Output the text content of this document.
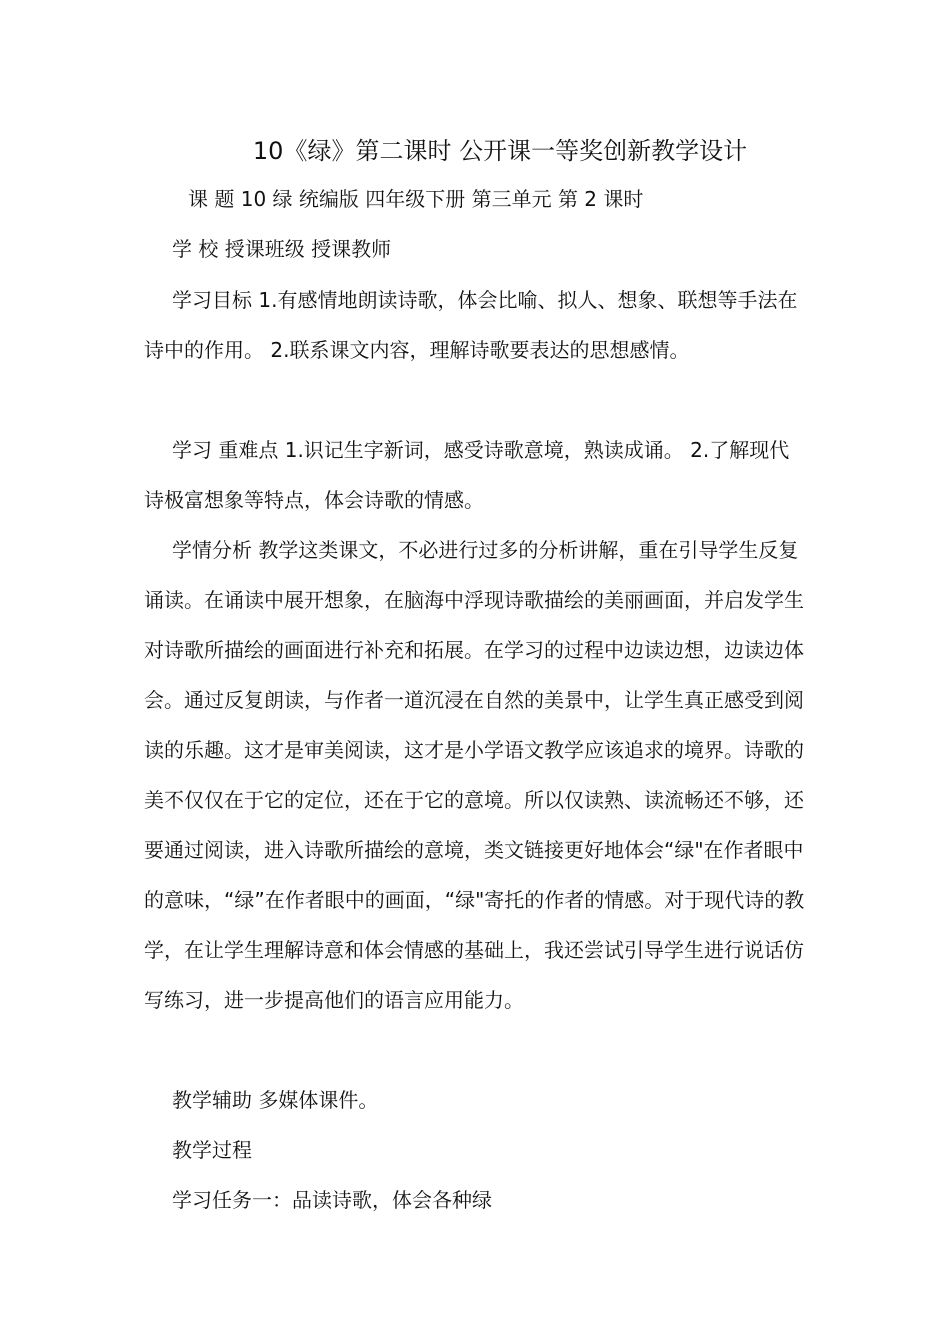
10《绿》第二课时 公开课一等奖创新教学设计
课 题 10 绿 统编版 四年级下册 第三单元 第 2 课时
学 校 授课班级 授课教师

学习目标 1.有感情地朗读诗歌，体会比喻、拟人、想象、联想等手法在诗中的作用。 2.联系课文内容，理解诗歌要表达的思想感情。

学习 重难点 1.识记生字新词，感受诗歌意境，熟读成诵。 2.了解现代诗极富想象等特点，体会诗歌的情感。

学情分析 教学这类课文，不必进行过多的分析讲解，重在引导学生反复诵读。在诵读中展开想象，在脑海中浮现诗歌描绘的美丽画面，并启发学生对诗歌所描绘的画面进行补充和拓展。在学习的过程中边读边想，边读边体会。通过反复朗读，与作者一道沉浸在自然的美景中，让学生真正感受到阅读的乐趣。这才是审美阅读，这才是小学语文教学应该追求的境界。诗歌的美不仅仅在于它的定位，还在于它的意境。所以仅读熟、读流畅还不够，还要通过阅读，进入诗歌所描绘的意境，类文链接更好地体会“绿"在作者眼中的意味，“绿”在作者眼中的画面，“绿"寄托的作者的情感。对于现代诗的教学，在让学生理解诗意和体会情感的基础上，我还尝试引导学生进行说话仿写练习，进一步提高他们的语言应用能力。

教学辅助 多媒体课件。

教学过程

学习任务一：品读诗歌，体会各种绿
